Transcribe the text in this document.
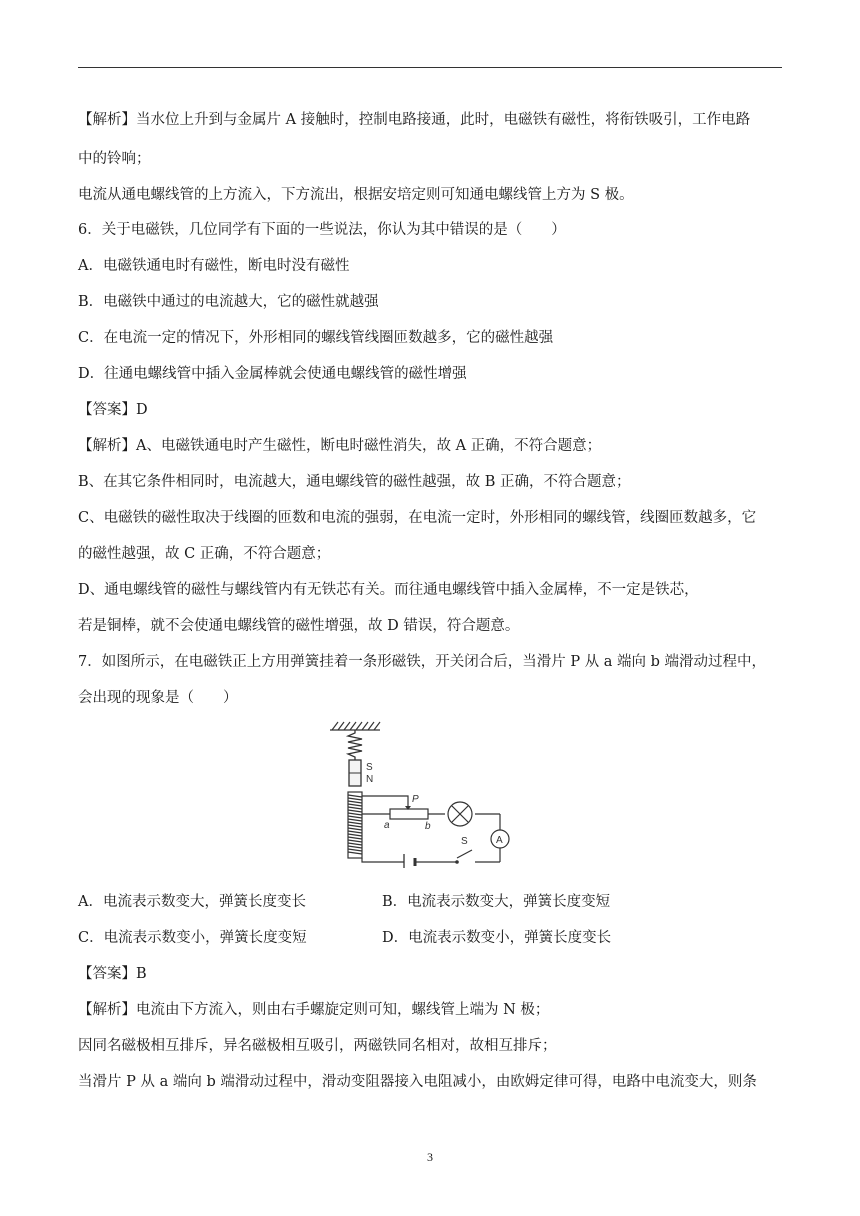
【解析】当水位上升到与金属片 A 接触时，控制电路接通，此时，电磁铁有磁性，将衔铁吸引，工作电路
中的铃响；
电流从通电螺线管的上方流入，下方流出，根据安培定则可知通电螺线管上方为 S 极。
6．关于电磁铁，几位同学有下面的一些说法，你认为其中错误的是（　　）
A．电磁铁通电时有磁性，断电时没有磁性
B．电磁铁中通过的电流越大，它的磁性就越强
C．在电流一定的情况下，外形相同的螺线管线圈匝数越多，它的磁性越强
D．往通电螺线管中插入金属棒就会使通电螺线管的磁性增强
【答案】D
【解析】A、电磁铁通电时产生磁性，断电时磁性消失，故 A 正确，不符合题意；
B、在其它条件相同时，电流越大，通电螺线管的磁性越强，故 B 正确，不符合题意；
C、电磁铁的磁性取决于线圈的匝数和电流的强弱，在电流一定时，外形相同的螺线管，线圈匝数越多，它
的磁性越强，故 C 正确，不符合题意；
D、通电螺线管的磁性与螺线管内有无铁芯有关。而往通电螺线管中插入金属棒，不一定是铁芯，
若是铜棒，就不会使通电螺线管的磁性增强，故 D 错误，符合题意。
7．如图所示，在电磁铁正上方用弹簧挂着一条形磁铁，开关闭合后，当滑片 P 从 a 端向 b 端滑动过程中，
会出现的现象是（　　）
S
N
P
a	b
A
S
A．电流表示数变大，弹簧长度变长	B．电流表示数变大，弹簧长度变短
C．电流表示数变小，弹簧长度变短	D．电流表示数变小，弹簧长度变长
【答案】B
【解析】电流由下方流入，则由右手螺旋定则可知，螺线管上端为 N 极；
因同名磁极相互排斥，异名磁极相互吸引，两磁铁同名相对，故相互排斥；
当滑片 P 从 a 端向 b 端滑动过程中，滑动变阻器接入电阻减小，由欧姆定律可得，电路中电流变大，则条
3
